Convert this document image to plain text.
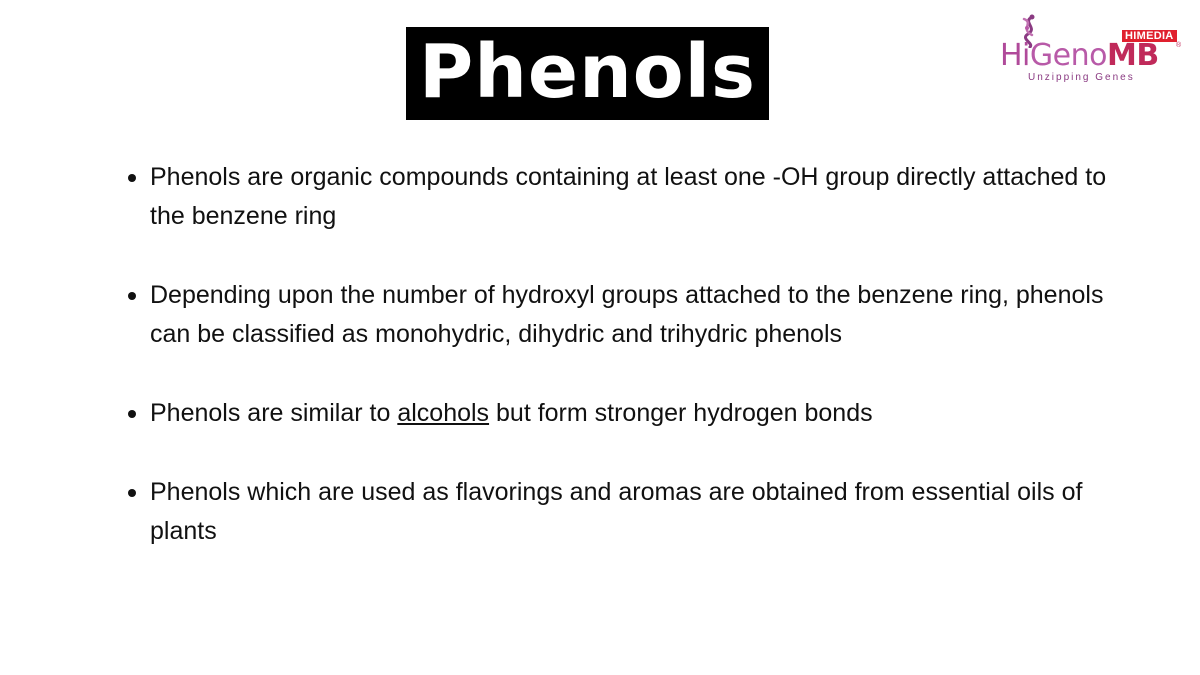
Phenols	HIMEDIA
HiGenoMB ®
Unzipping Genes
Phenols are organic compounds containing at least one -OH group directly attached to the benzene ring
Depending upon the number of hydroxyl groups attached to the benzene ring, phenols can be classified as monohydric, dihydric and trihydric phenols
Phenols are similar to alcohols but form stronger hydrogen bonds
Phenols which are used as flavorings and aromas are obtained from essential oils of plants
